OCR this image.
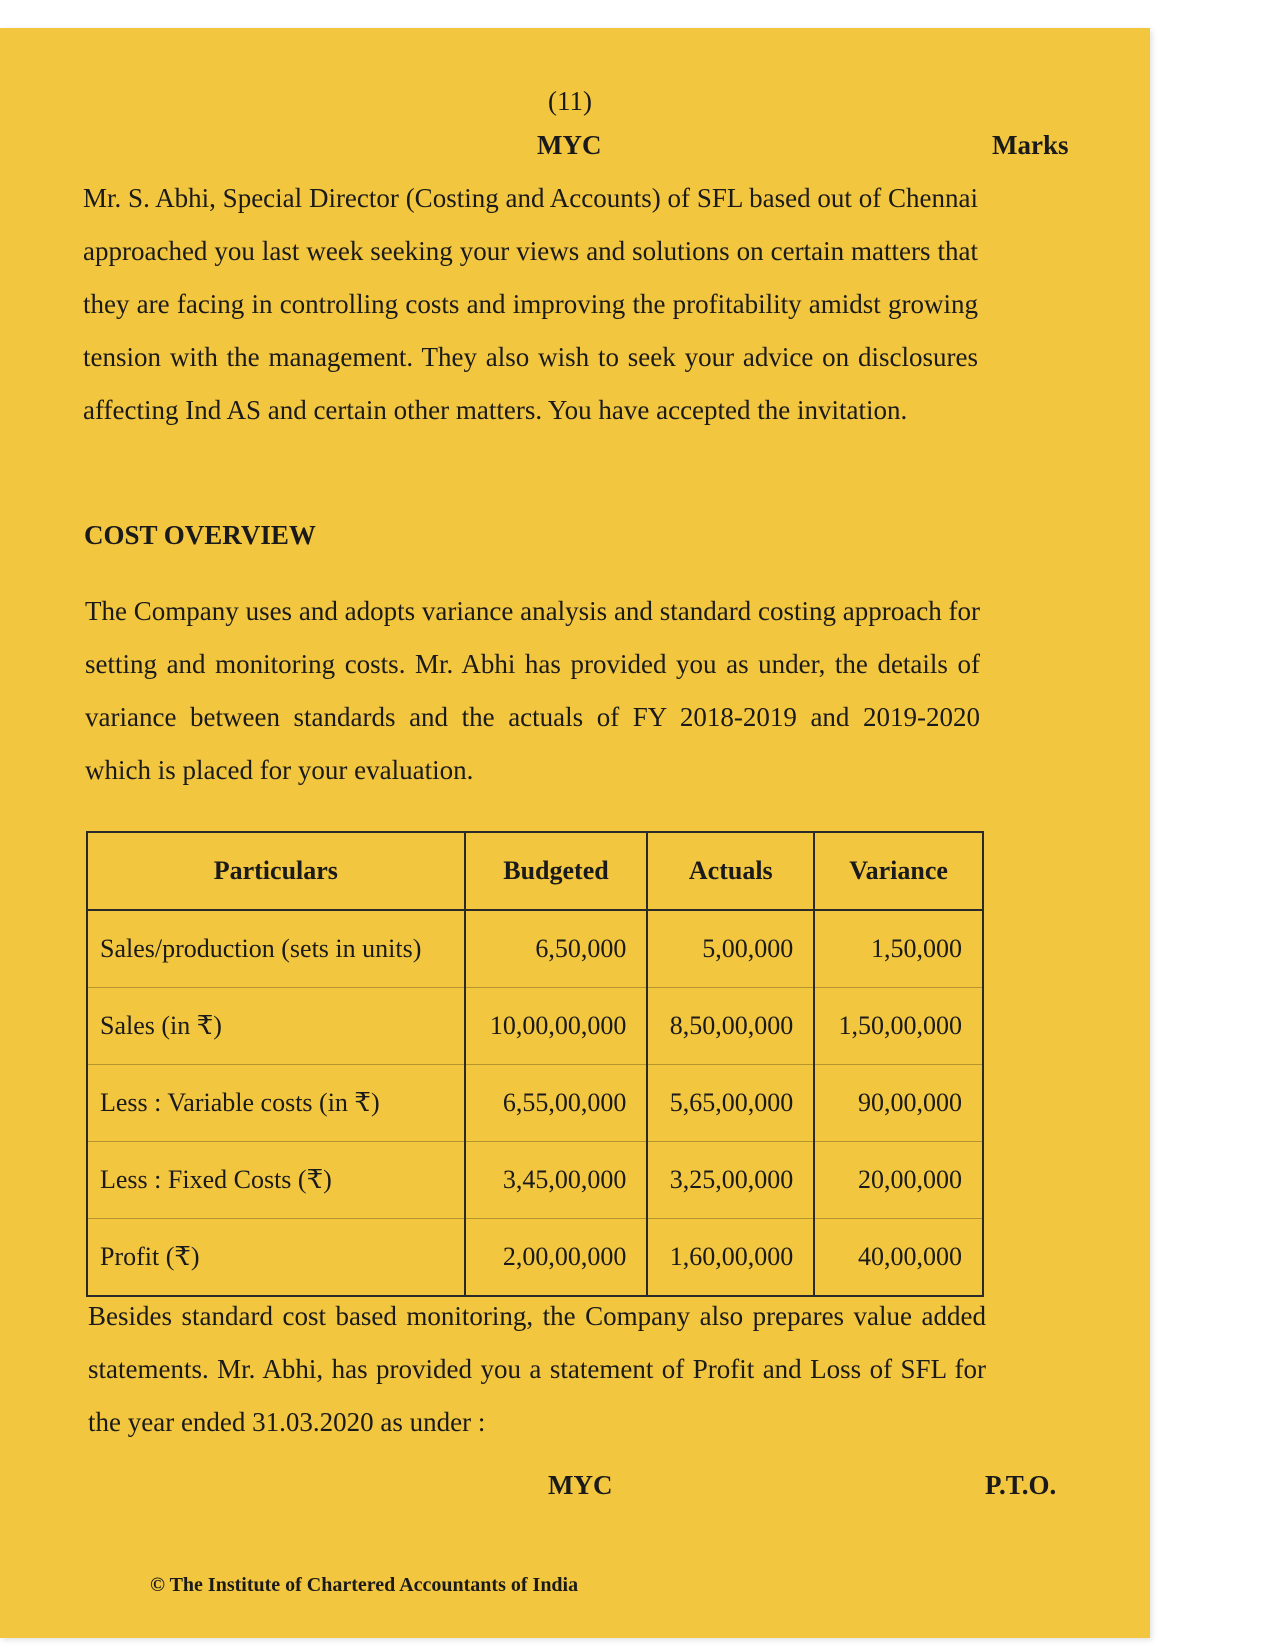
(11)
MYC	Marks
Mr. S. Abhi, Special Director (Costing and Accounts) of SFL based out of Chennai approached you last week seeking your views and solutions on certain matters that they are facing in controlling costs and improving the profitability amidst growing tension with the management. They also wish to seek your advice on disclosures affecting Ind AS and certain other matters. You have accepted the invitation.
COST OVERVIEW
The Company uses and adopts variance analysis and standard costing approach for setting and monitoring costs. Mr. Abhi has provided you as under, the details of variance between standards and the actuals of FY 2018-2019 and 2019-2020 which is placed for your evaluation.
Particulars	Budgeted	Actuals	Variance
Sales/production (sets in units)	6,50,000	5,00,000	1,50,000
Sales (in ₹)	10,00,00,000	8,50,00,000	1,50,00,000
Less : Variable costs (in ₹)	6,55,00,000	5,65,00,000	90,00,000
Less : Fixed Costs (₹)	3,45,00,000	3,25,00,000	20,00,000
Profit (₹)	2,00,00,000	1,60,00,000	40,00,000
Besides standard cost based monitoring, the Company also prepares value added statements. Mr. Abhi, has provided you a statement of Profit and Loss of SFL for the year ended 31.03.2020 as under :
MYC	P.T.O.
© The Institute of Chartered Accountants of India
